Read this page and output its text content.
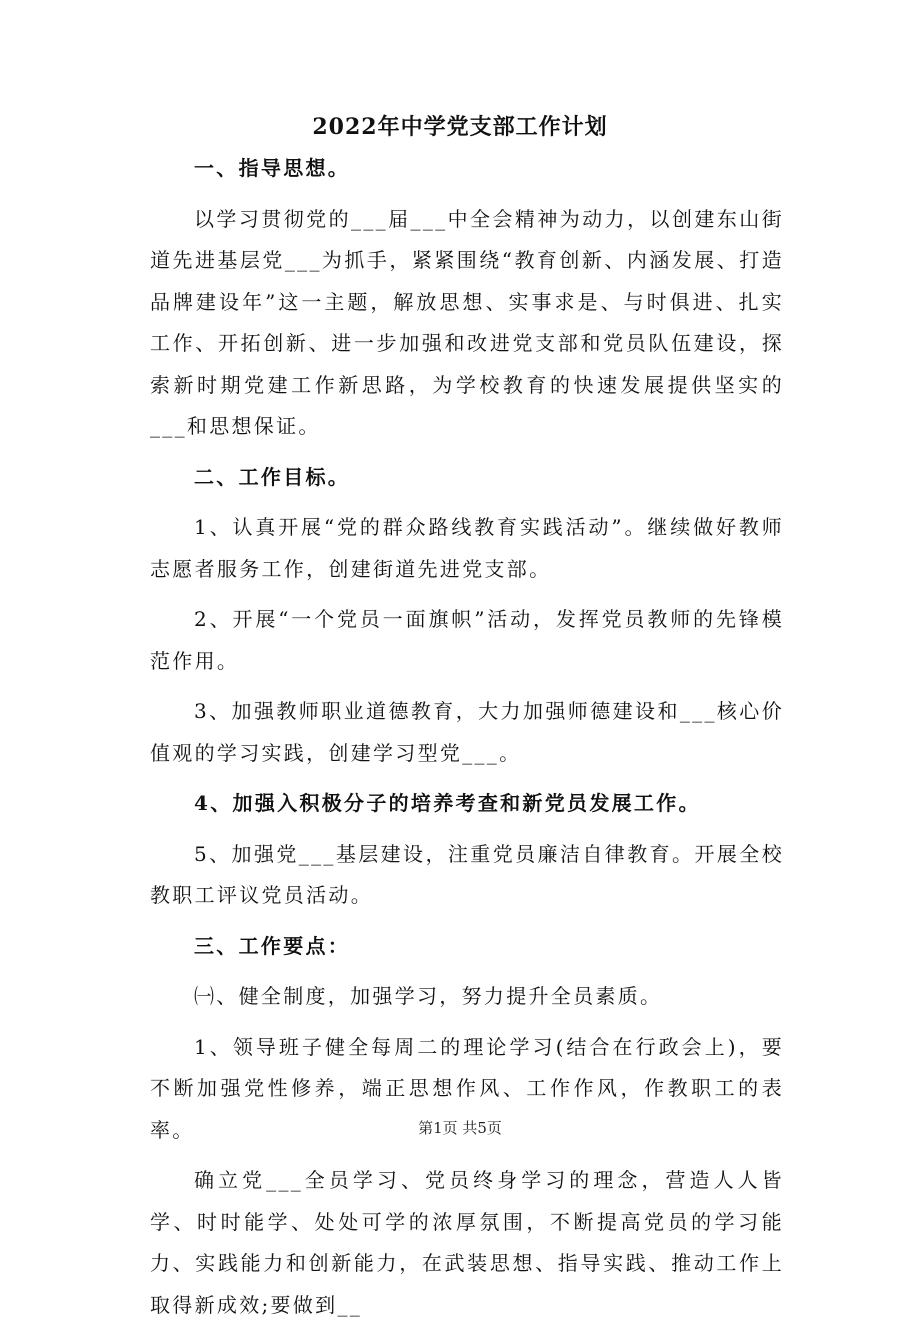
2022年中学党支部工作计划

一、指导思想。

以学习贯彻党的___届___中全会精神为动力，以创建东山街道先进基层党___为抓手，紧紧围绕“教育创新、内涵发展、打造品牌建设年”这一主题，解放思想、实事求是、与时俱进、扎实工作、开拓创新、进一步加强和改进党支部和党员队伍建设，探索新时期党建工作新思路，为学校教育的快速发展提供坚实的___和思想保证。

二、工作目标。

1、认真开展“党的群众路线教育实践活动”。继续做好教师志愿者服务工作，创建街道先进党支部。

2、开展“一个党员一面旗帜”活动，发挥党员教师的先锋模范作用。

3、加强教师职业道德教育，大力加强师德建设和___核心价值观的学习实践，创建学习型党___。

4、加强入积极分子的培养考查和新党员发展工作。

5、加强党___基层建设，注重党员廉洁自律教育。开展全校教职工评议党员活动。

三、工作要点：

㈠、健全制度，加强学习，努力提升全员素质。

1、领导班子健全每周二的理论学习(结合在行政会上)，要不断加强党性修养，端正思想作风、工作作风，作教职工的表率。

确立党___全员学习、党员终身学习的理念，营造人人皆学、时时能学、处处可学的浓厚氛围，不断提高党员的学习能力、实践能力和创新能力，在武装思想、指导实践、推动工作上取得新成效;要做到__

第1页 共5页
